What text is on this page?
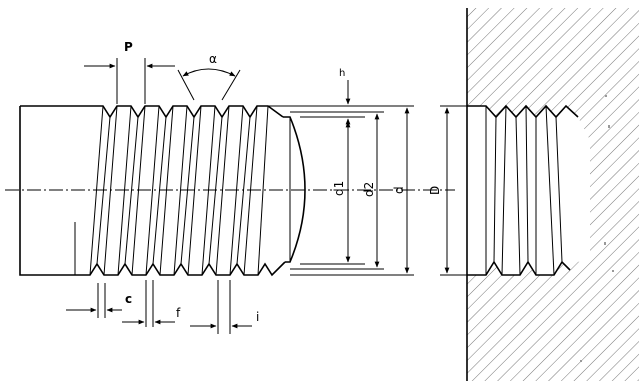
P
α
h
d1 d2 d
c
f	i
D
